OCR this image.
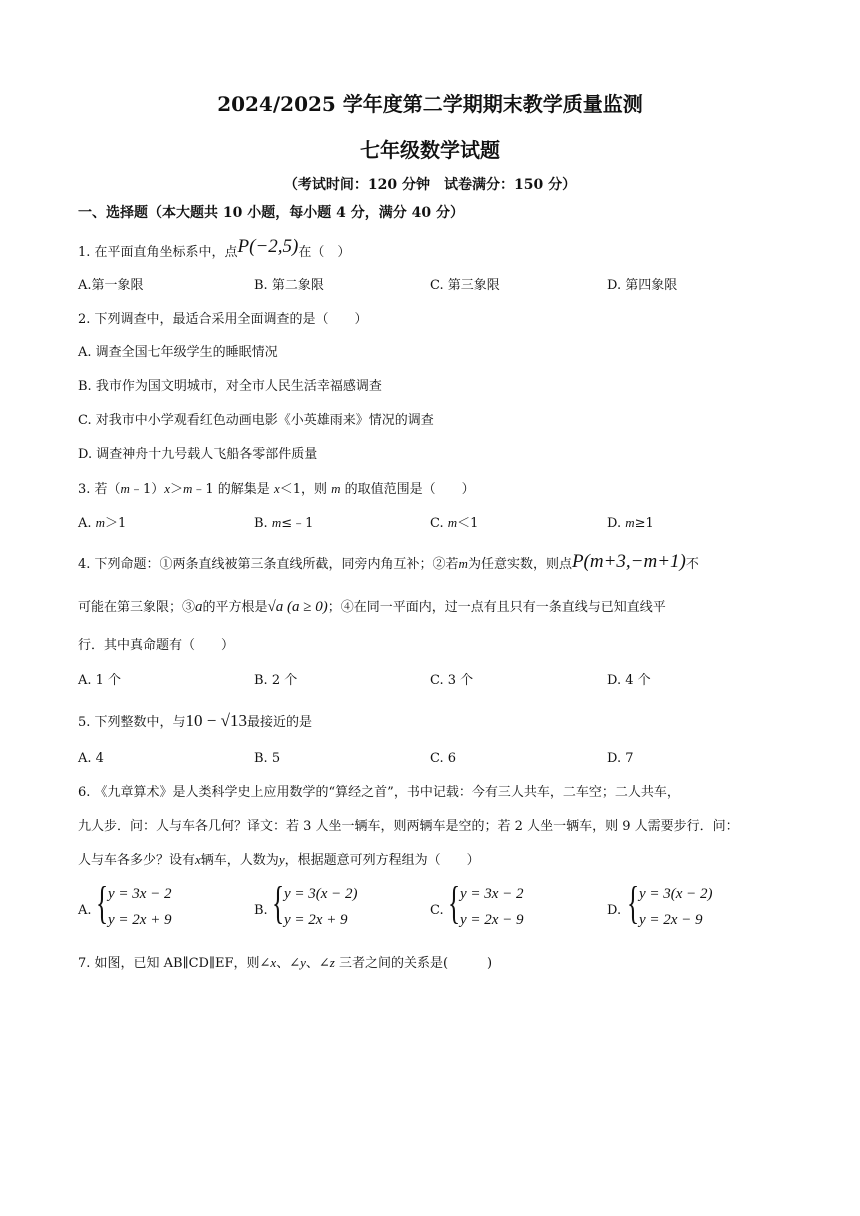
2024/2025 学年度第二学期期末教学质量监测
七年级数学试题
（考试时间：120 分钟　试卷满分：150 分）
一、选择题（本大题共 10 小题，每小题 4 分，满分 40 分）
1. 在平面直角坐标系中，点P(−2,5)在（　）
A.第一象限	B. 第二象限	C. 第三象限	D. 第四象限
2. 下列调查中，最适合采用全面调查的是（　　）
A. 调查全国七年级学生的睡眠情况
B. 我市作为国文明城市，对全市人民生活幸福感调查
C. 对我市中小学观看红色动画电影《小英雄雨来》情况的调查
D. 调查神舟十九号载人飞船各零部件质量
3. 若（m﹣1）x＞m﹣1 的解集是 x＜1，则 m 的取值范围是（　　）
A. m＞1	B. m≤﹣1	C. m＜1	D. m≥1
4. 下列命题：①两条直线被第三条直线所截，同旁内角互补；②若m为任意实数，则点P(m+3,−m+1)不
可能在第三象限；③a的平方根是√a (a ≥ 0)；④在同一平面内，过一点有且只有一条直线与已知直线平
行．其中真命题有（　　）
A. 1 个	B. 2 个	C. 3 个	D. 4 个
5. 下列整数中，与10 − √13最接近的是
A. 4	B. 5	C. 6	D. 7
6. 《九章算术》是人类科学史上应用数学的“算经之首”，书中记载：今有三人共车，二车空；二人共车，
九人步．问：人与车各几何？译文：若 3 人坐一辆车，则两辆车是空的；若 2 人坐一辆车，则 9 人需要步行．问：
人与车各多少？设有x辆车，人数为y，根据题意可列方程组为（　　）
A. { y = 3x − 2
y = 2x + 9
B. { y = 3(x − 2)
y = 2x + 9
C. { y = 3x − 2
y = 2x − 9
D. { y = 3(x − 2)
y = 2x − 9
7. 如图，已知 AB∥CD∥EF，则∠x、∠y、∠z 三者之间的关系是(　　　)
